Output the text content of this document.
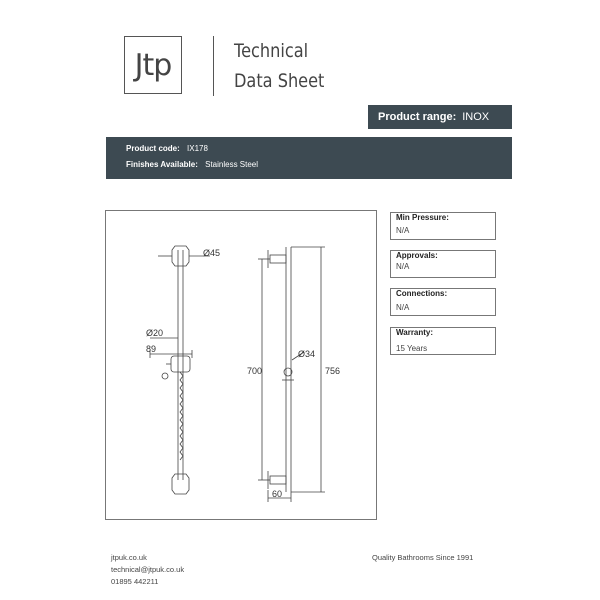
Jtp	Technical
Data Sheet
Product range: INOX
Product code: IX178
Finishes Available: Stainless Steel
Ø45
Ø20
89	Ø34
700	756
60
Min Pressure:
N/A
Approvals:
N/A
Connections:
N/A
Warranty:
15 Years
jtpuk.co.uk
technical@jtpuk.co.uk
01895 442211
Quality Bathrooms Since 1991
